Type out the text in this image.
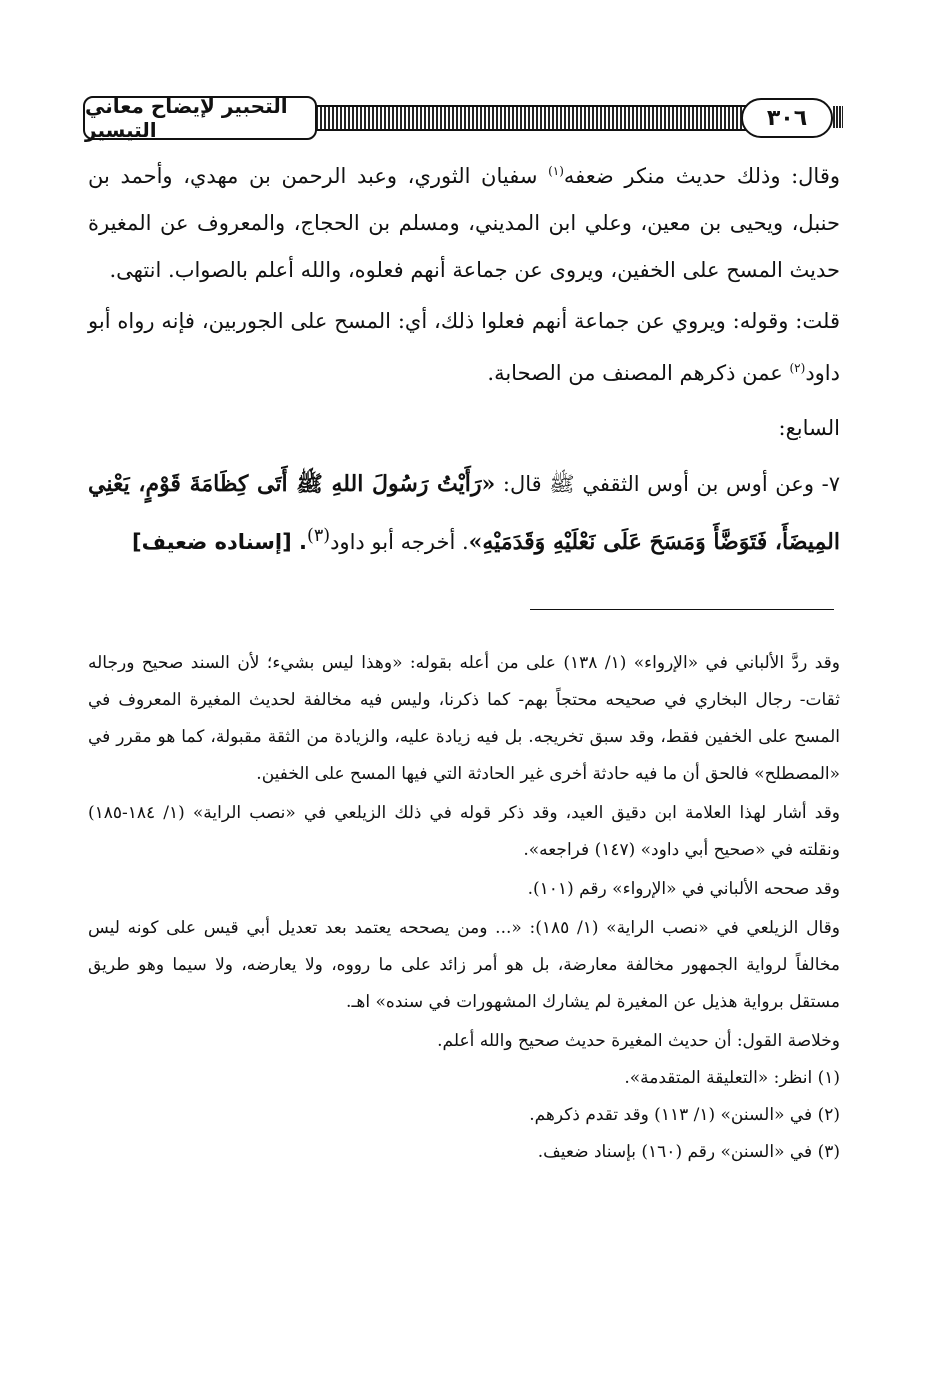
التحبير لإيضاح معاني التيسير	٣٠٦

وقال: وذلك حديث منكر ضعفه$^{(١)}$ سفيان الثوري، وعبد الرحمن بن مهدي، وأحمد بن حنبل، ويحيى بن معين، وعلي ابن المديني، ومسلم بن الحجاج، والمعروف عن المغيرة حديث المسح على الخفين، ويروى عن جماعة أنهم فعلوه، والله أعلم بالصواب. انتهى.

قلت: وقوله: ويروي عن جماعة أنهم فعلوا ذلك، أي: المسح على الجوربين، فإنه رواه أبو داود$^{(٢)}$ عمن ذكرهم المصنف من الصحابة.

السابع:

٧- وعن أوس بن أوس الثقفي ﷺ قال: «رَأَيْتُ رَسُولَ اللهِ ﷺ أَتَى كِظَامَةَ قَوْمٍ، يَعْنِي المِيضَأَ، فَتَوَضَّأَ وَمَسَحَ عَلَى نَعْلَيْهِ وَقَدَمَيْهِ». أخرجه أبو داود$^{(٣)}$. [إسناده ضعيف]

وقد ردَّ الألباني في «الإرواء» (١/ ١٣٨) على من أعله بقوله: «وهذا ليس بشيء؛ لأن السند صحيح ورجاله ثقات- رجال البخاري في صحيحه محتجاً بهم- كما ذكرنا، وليس فيه مخالفة لحديث المغيرة المعروف في المسح على الخفين فقط، وقد سبق تخريجه. بل فيه زيادة عليه، والزيادة من الثقة مقبولة، كما هو مقرر في «المصطلح» فالحق أن ما فيه حادثة أخرى غير الحادثة التي فيها المسح على الخفين.

وقد أشار لهذا العلامة ابن دقيق العيد، وقد ذكر قوله في ذلك الزيلعي في «نصب الراية» (١/ ١٨٤-١٨٥) ونقلته في «صحيح أبي داود» (١٤٧) فراجعه».

وقد صححه الألباني في «الإرواء» رقم (١٠١).

وقال الزيلعي في «نصب الراية» (١/ ١٨٥): «... ومن يصححه يعتمد بعد تعديل أبي قيس على كونه ليس مخالفاً لرواية الجمهور مخالفة معارضة، بل هو أمر زائد على ما رووه، ولا يعارضه، ولا سيما وهو طريق مستقل برواية هذيل عن المغيرة لم يشارك المشهورات في سنده» اهـ.

وخلاصة القول: أن حديث المغيرة حديث صحيح والله أعلم.

(١) انظر: «التعليقة المتقدمة».

(٢) في «السنن» (١/ ١١٣) وقد تقدم ذكرهم.

(٣) في «السنن» رقم (١٦٠) بإسناد ضعيف.
